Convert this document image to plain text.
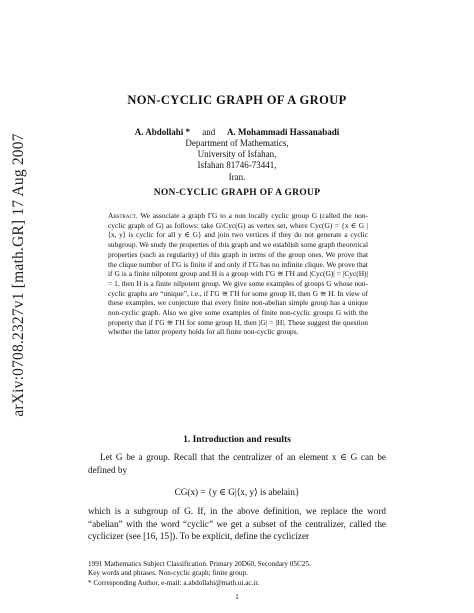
arXiv:0708.2327v1 [math.GR] 17 Aug 2007
NON-CYCLIC GRAPH OF A GROUP
A. Abdollahi * and A. Mohammadi Hassanabadi
Department of Mathematics,
University of Isfahan,
Isfahan 81746-73441,
Iran.
NON-CYCLIC GRAPH OF A GROUP
Abstract. We associate a graph ΓG to a non locally cyclic group G (called the non-cyclic graph of G) as follows: take G\Cyc(G) as vertex set, where Cyc(G) = {x ∈ G | ⟨x, y⟩ is cyclic for all y ∈ G} and join two vertices if they do not generate a cyclic subgroup. We study the properties of this graph and we establish some graph theoretical properties (such as regularity) of this graph in terms of the group ones. We prove that the clique number of ΓG is finite if and only if ΓG has no infinite clique. We prove that if G is a finite nilpotent group and H is a group with ΓG ≅ ΓH and |Cyc(G)| = |Cyc(H)| = 1, then H is a finite nilpotent group. We give some examples of groups G whose non-cyclic graphs are “unique”, i.e., if ΓG ≅ ΓH for some group H, then G ≅ H. In view of these examples, we conjecture that every finite non-abelian simple group has a unique non-cyclic graph. Also we give some examples of finite non-cyclic groups G with the property that if ΓG ≅ ΓH for some group H, then |G| = |H|. These suggest the question whether the latter property holds for all finite non-cyclic groups.
1. Introduction and results
Let G be a group. Recall that the centralizer of an element x ∈ G can be defined by
CG(x) = {y ∈ G|⟨x, y⟩ is abelain}
which is a subgroup of G. If, in the above definition, we replace the word “abelian” with the word “cyclic” we get a subset of the centralizer, called the cyclicizer (see [16, 15]). To be explicit, define the cyclicizer
1991 Mathematics Subject Classification. Primary 20D60, Secondary 05C25.
Key words and phrases. Non-cyclic graph; finite group.
* Corresponding Author, e-mail: a.abdollahi@math.ui.ac.ir.
1
